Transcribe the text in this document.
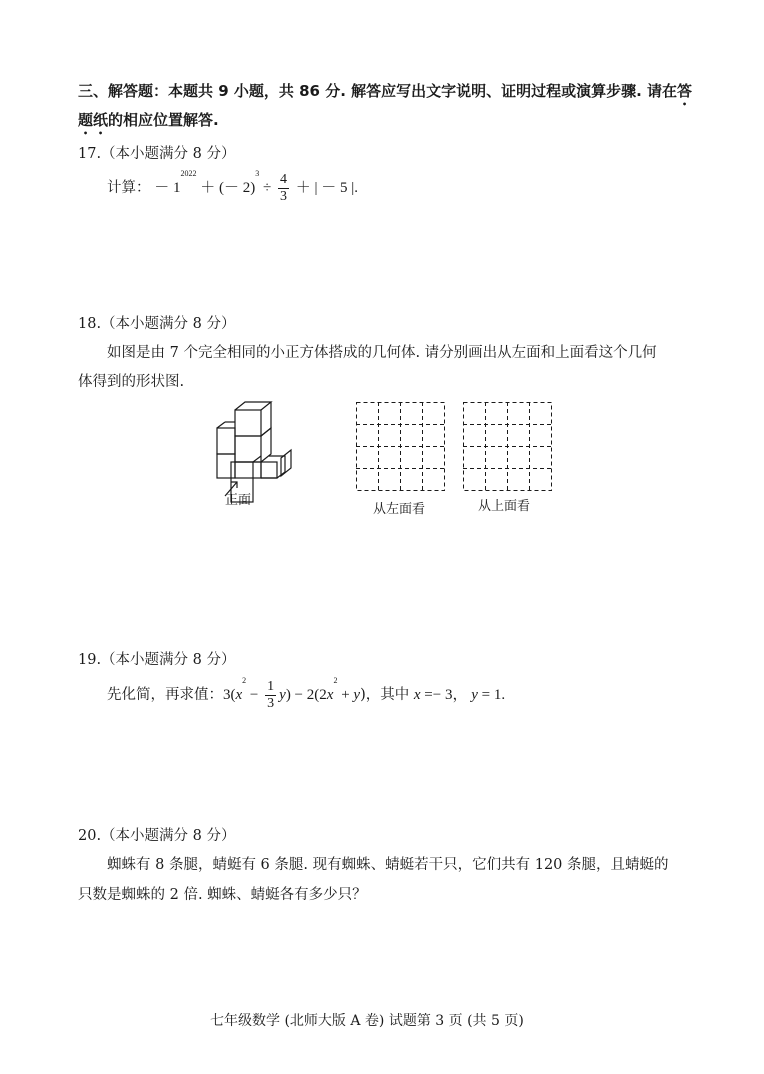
三、解答题：本题共 9 小题，共 86 分. 解答应写出文字说明、证明过程或演算步骤. 请在答
题纸的相应位置解答.
17.（本小题满分 8 分）
计算： － $1^{2022}$ ＋ (－ $2)^3 \div \frac{4}{3}$ ＋ | － 5 |.
18.（本小题满分 8 分）
如图是由 7 个完全相同的小正方体搭成的几何体. 请分别画出从左面和上面看这个几何
体得到的形状图.
正面
从左面看	从上面看
19.（本小题满分 8 分）
先化简，再求值：$3(x^2 - \frac{1}{3} y) - 2(2x^2 + y)$，其中 x =− 3， y = 1.
20.（本小题满分 8 分）
蜘蛛有 8 条腿，蜻蜓有 6 条腿. 现有蜘蛛、蜻蜓若干只，它们共有 120 条腿，且蜻蜓的
只数是蜘蛛的 2 倍. 蜘蛛、蜻蜓各有多少只？
七年级数学 (北师大版 A 卷) 试题第 3 页 (共 5 页)
